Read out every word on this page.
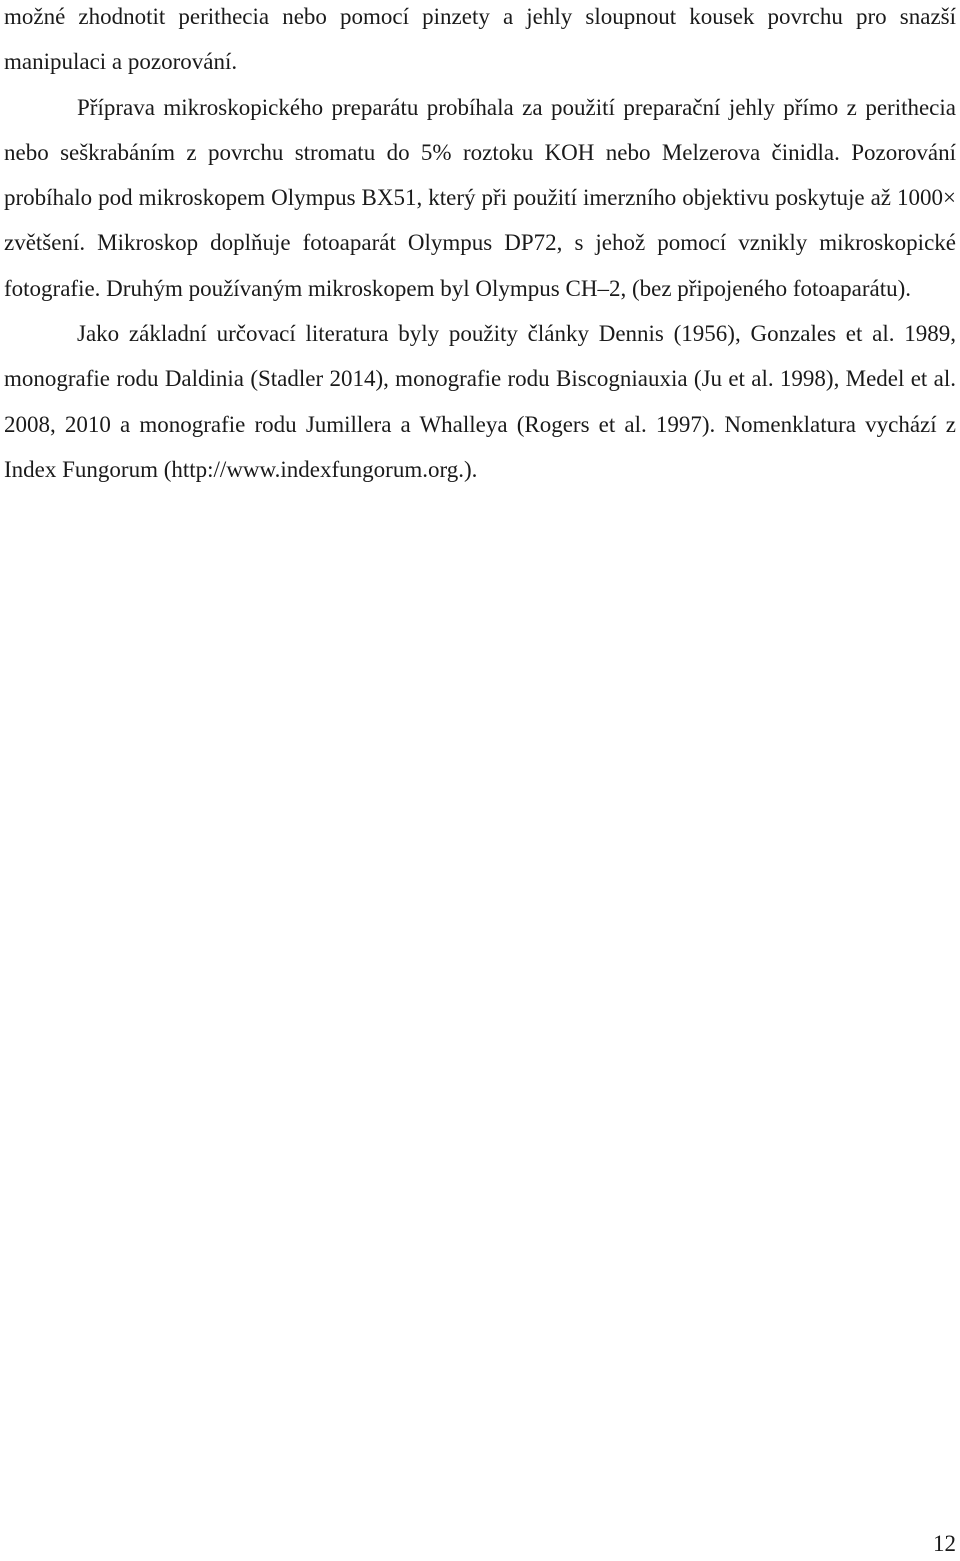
možné zhodnotit perithecia nebo pomocí pinzety a jehly sloupnout kousek povrchu pro snazší manipulaci a pozorování.

Příprava mikroskopického preparátu probíhala za použití preparační jehly přímo z perithecia nebo seškrabáním z povrchu stromatu do 5% roztoku KOH nebo Melzerova činidla. Pozorování probíhalo pod mikroskopem Olympus BX51, který při použití imerzního objektivu poskytuje až 1000× zvětšení. Mikroskop doplňuje fotoaparát Olympus DP72, s jehož pomocí vznikly mikroskopické fotografie. Druhým používaným mikroskopem byl Olympus CH–2, (bez připojeného fotoaparátu).

Jako základní určovací literatura byly použity články Dennis (1956), Gonzales et al. 1989, monografie rodu Daldinia (Stadler 2014), monografie rodu Biscogniauxia (Ju et al. 1998), Medel et al. 2008, 2010 a monografie rodu Jumillera a Whalleya (Rogers et al. 1997). Nomenklatura vychází z Index Fungorum (http://www.indexfungorum.org.).

12
